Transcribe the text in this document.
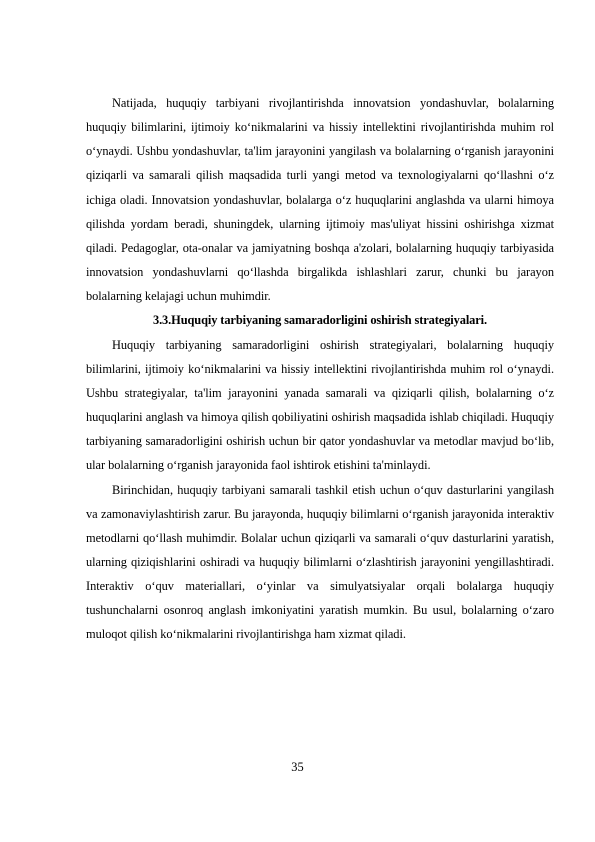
Natijada, huquqiy tarbiyani rivojlantirishda innovatsion yondashuvlar, bolalarning huquqiy bilimlarini, ijtimoiy ko‘nikmalarini va hissiy intellektini rivojlantirishda muhim rol o‘ynaydi. Ushbu yondashuvlar, ta'lim jarayonini yangilash va bolalarning o‘rganish jarayonini qiziqarli va samarali qilish maqsadida turli yangi metod va texnologiyalarni qo‘llashni o‘z ichiga oladi. Innovatsion yondashuvlar, bolalarga o‘z huquqlarini anglashda va ularni himoya qilishda yordam beradi, shuningdek, ularning ijtimoiy mas'uliyat hissini oshirishga xizmat qiladi. Pedagoglar, ota-onalar va jamiyatning boshqa a'zolari, bolalarning huquqiy tarbiyasida innovatsion yondashuvlarni qo‘llashda birgalikda ishlashlari zarur, chunki bu jarayon bolalarning kelajagi uchun muhimdir.

3.3.Huquqiy tarbiyaning samaradorligini oshirish strategiyalari.

Huquqiy tarbiyaning samaradorligini oshirish strategiyalari, bolalarning huquqiy bilimlarini, ijtimoiy ko‘nikmalarini va hissiy intellektini rivojlantirishda muhim rol o‘ynaydi. Ushbu strategiyalar, ta'lim jarayonini yanada samarali va qiziqarli qilish, bolalarning o‘z huquqlarini anglash va himoya qilish qobiliyatini oshirish maqsadida ishlab chiqiladi. Huquqiy tarbiyaning samaradorligini oshirish uchun bir qator yondashuvlar va metodlar mavjud bo‘lib, ular bolalarning o‘rganish jarayonida faol ishtirok etishini ta'minlaydi.

Birinchidan, huquqiy tarbiyani samarali tashkil etish uchun o‘quv dasturlarini yangilash va zamonaviylashtirish zarur. Bu jarayonda, huquqiy bilimlarni o‘rganish jarayonida interaktiv metodlarni qo‘llash muhimdir. Bolalar uchun qiziqarli va samarali o‘quv dasturlarini yaratish, ularning qiziqishlarini oshiradi va huquqiy bilimlarni o‘zlashtirish jarayonini yengillashtiradi. Interaktiv o‘quv materiallari, o‘yinlar va simulyatsiyalar orqali bolalarga huquqiy tushunchalarni osonroq anglash imkoniyatini yaratish mumkin. Bu usul, bolalarning o‘zaro muloqot qilish ko‘nikmalarini rivojlantirishga ham xizmat qiladi.

35
